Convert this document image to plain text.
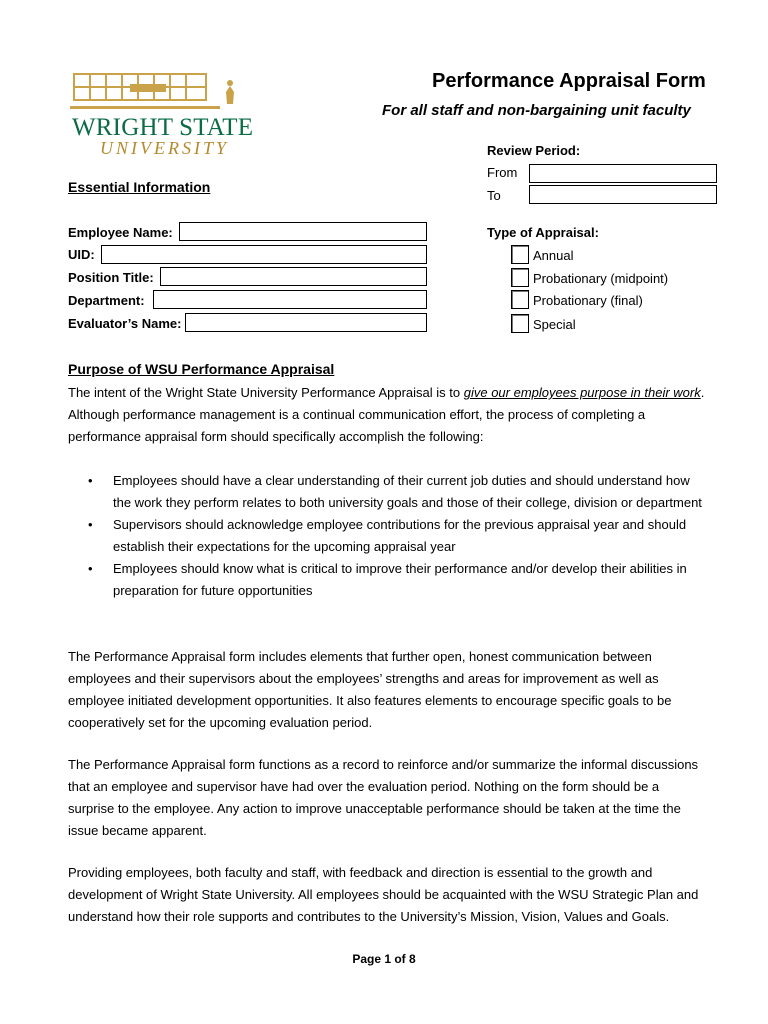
WRIGHT STATE
UNIVERSITY
Performance Appraisal Form
For all staff and non-bargaining unit faculty
Review Period:
From
To
Essential Information
Employee Name:
UID:
Position Title:
Department:
Evaluator’s Name:
Type of Appraisal:
Annual
Probationary (midpoint)
Probationary (final)
Special
Purpose of WSU Performance Appraisal

The intent of the Wright State University Performance Appraisal is to give our employees purpose in their work. Although performance management is a continual communication effort, the process of completing a performance appraisal form should specifically accomplish the following:

• Employees should have a clear understanding of their current job duties and should understand how the work they perform relates to both university goals and those of their college, division or department
• Supervisors should acknowledge employee contributions for the previous appraisal year and should establish their expectations for the upcoming appraisal year
• Employees should know what is critical to improve their performance and/or develop their abilities in preparation for future opportunities

The Performance Appraisal form includes elements that further open, honest communication between employees and their supervisors about the employees’ strengths and areas for improvement as well as employee initiated development opportunities. It also features elements to encourage specific goals to be cooperatively set for the upcoming evaluation period.

The Performance Appraisal form functions as a record to reinforce and/or summarize the informal discussions that an employee and supervisor have had over the evaluation period. Nothing on the form should be a surprise to the employee. Any action to improve unacceptable performance should be taken at the time the issue became apparent.

Providing employees, both faculty and staff, with feedback and direction is essential to the growth and development of Wright State University. All employees should be acquainted with the WSU Strategic Plan and understand how their role supports and contributes to the University’s Mission, Vision, Values and Goals.

Page 1 of 8
